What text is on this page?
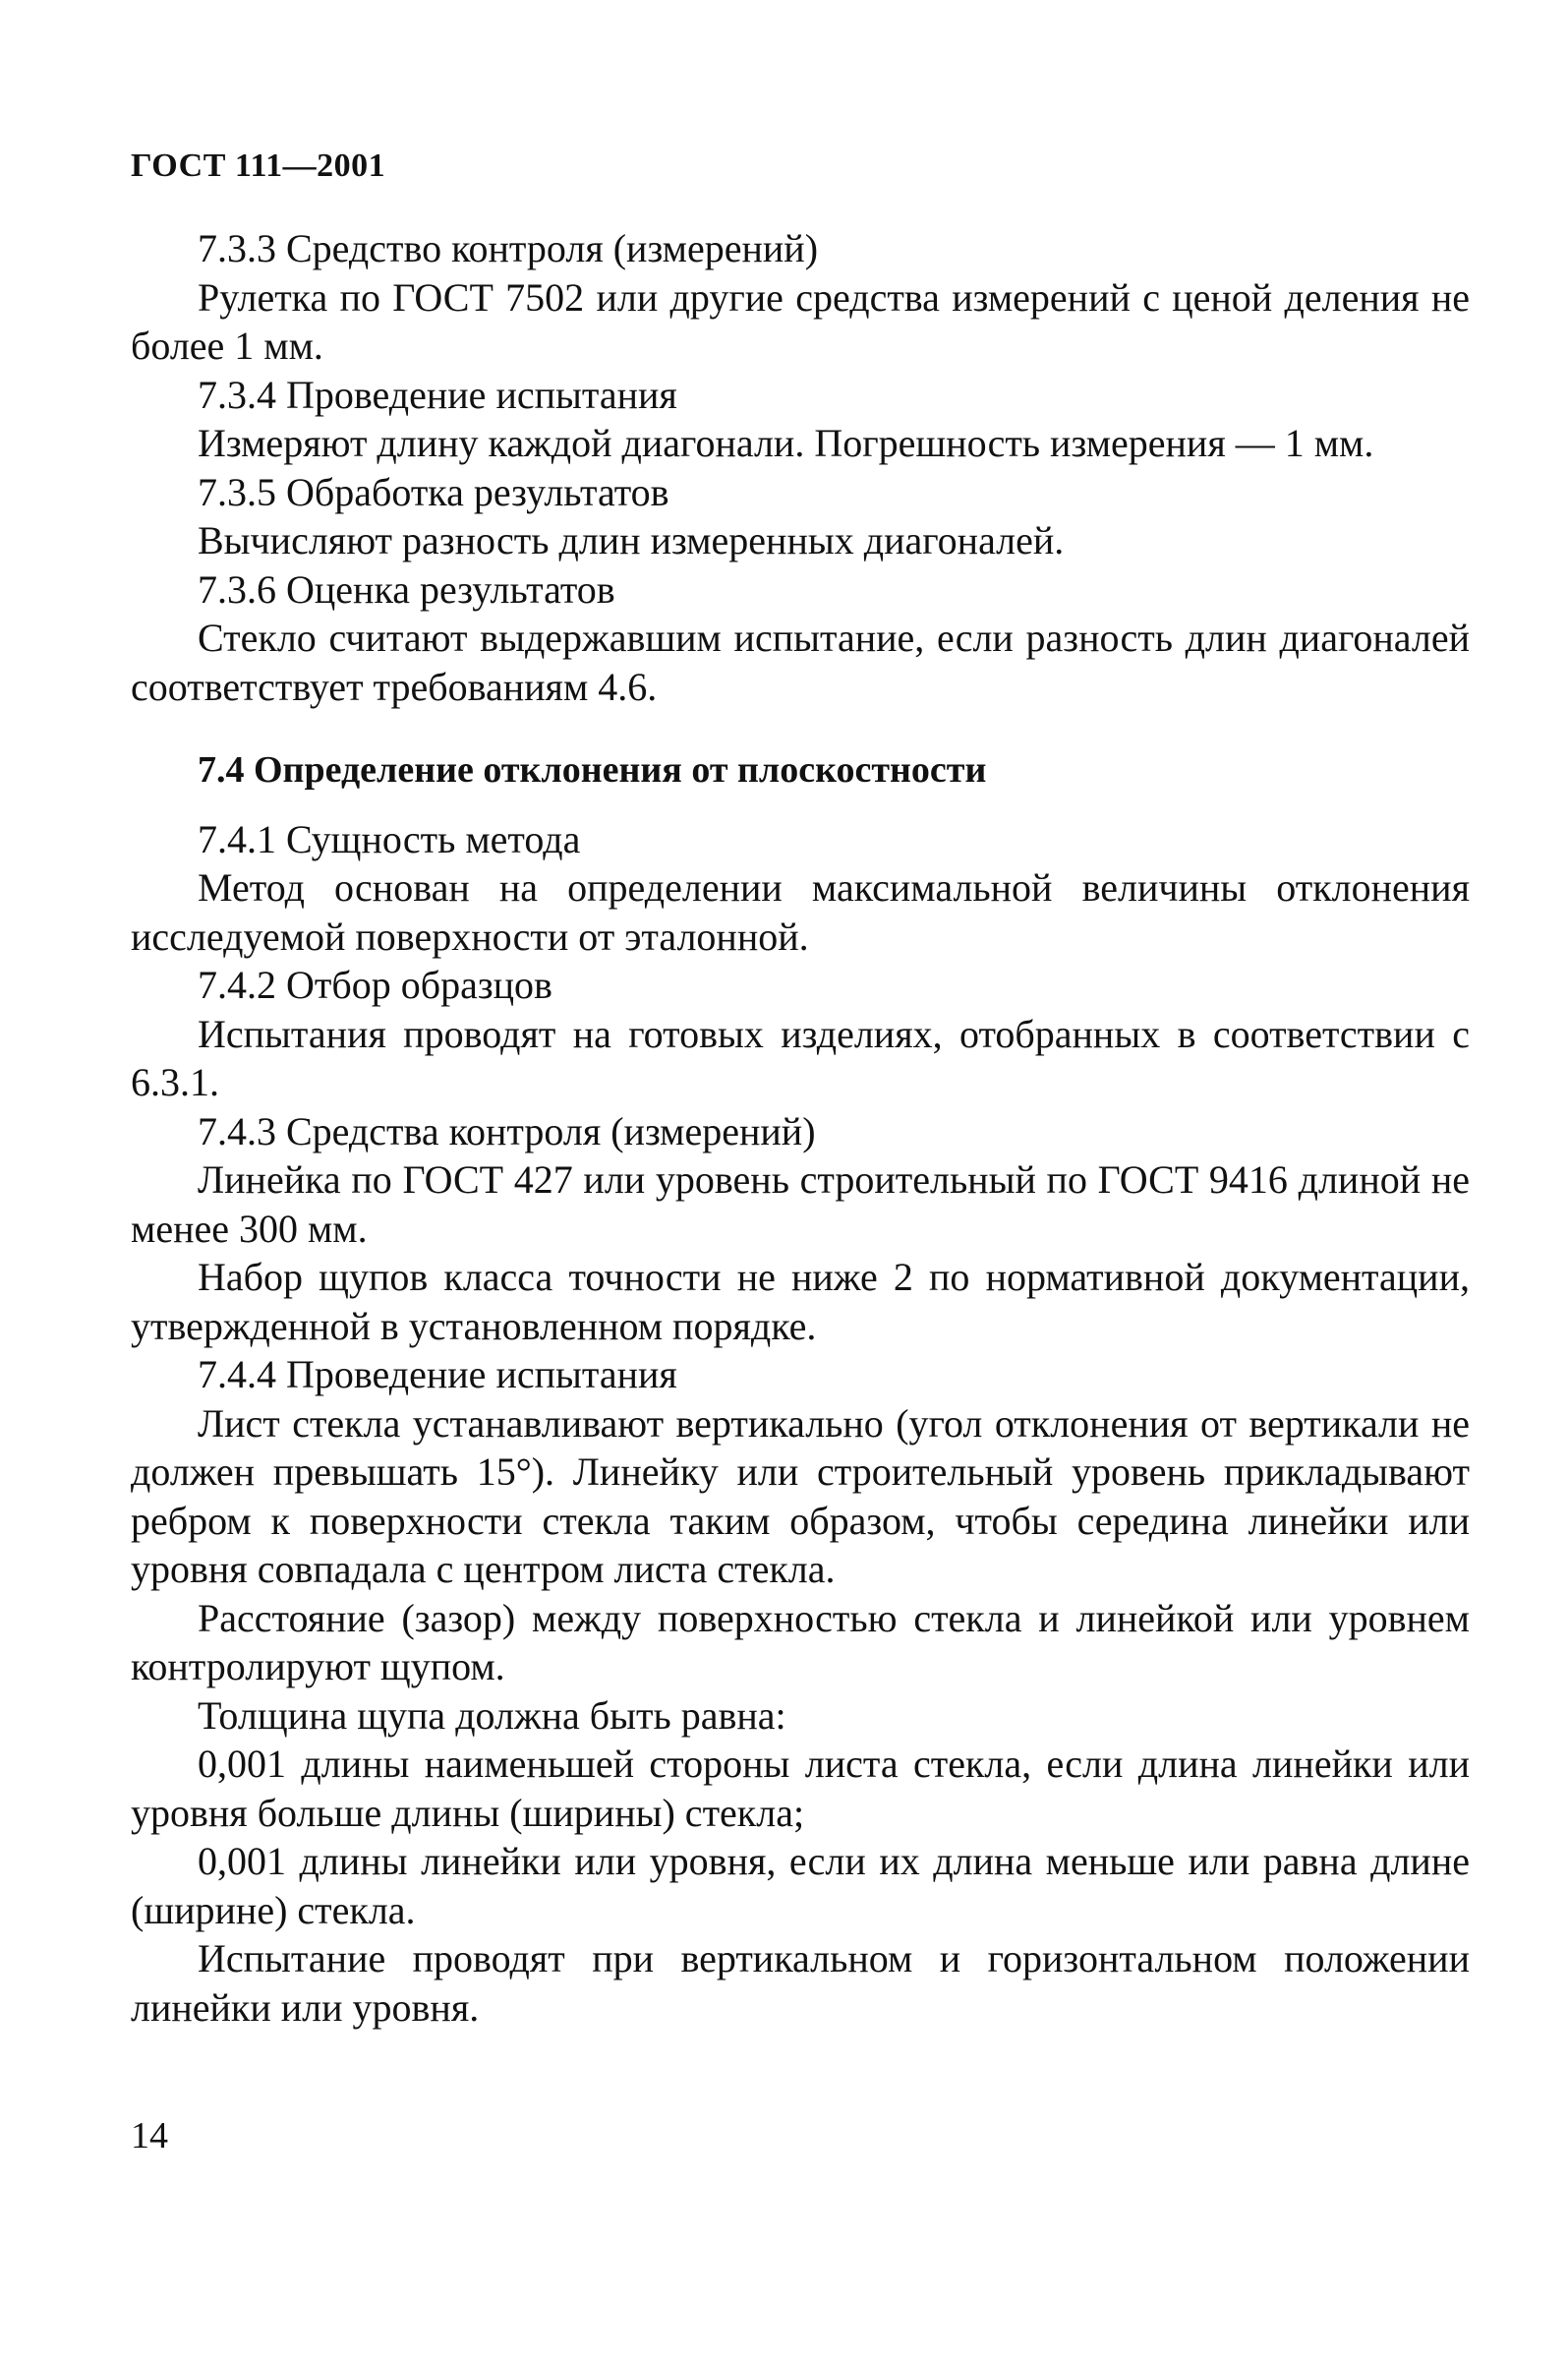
ГОСТ 111—2001

7.3.3 Средство контроля (измерений)

Рулетка по ГОСТ 7502 или другие средства измерений с ценой деления не более 1 мм.

7.3.4 Проведение испытания

Измеряют длину каждой диагонали. Погрешность измерения — 1 мм.

7.3.5 Обработка результатов

Вычисляют разность длин измеренных диагоналей.

7.3.6 Оценка результатов

Стекло считают выдержавшим испытание, если разность длин диагоналей соответствует требованиям 4.6.

7.4 Определение отклонения от плоскостности

7.4.1 Сущность метода

Метод основан на определении максимальной величины отклонения исследуемой поверхности от эталонной.

7.4.2 Отбор образцов

Испытания проводят на готовых изделиях, отобранных в соответствии с 6.3.1.

7.4.3 Средства контроля (измерений)

Линейка по ГОСТ 427 или уровень строительный по ГОСТ 9416 длиной не менее 300 мм.

Набор щупов класса точности не ниже 2 по нормативной документации, утвержденной в установленном порядке.

7.4.4 Проведение испытания

Лист стекла устанавливают вертикально (угол отклонения от вертикали не должен превышать 15°). Линейку или строительный уровень прикладывают ребром к поверхности стекла таким образом, чтобы середина линейки или уровня совпадала с центром листа стекла.

Расстояние (зазор) между поверхностью стекла и линейкой или уровнем контролируют щупом.

Толщина щупа должна быть равна:

0,001 длины наименьшей стороны листа стекла, если длина линейки или уровня больше длины (ширины) стекла;

0,001 длины линейки или уровня, если их длина меньше или равна длине (ширине) стекла.

Испытание проводят при вертикальном и горизонтальном положении линейки или уровня.

14
